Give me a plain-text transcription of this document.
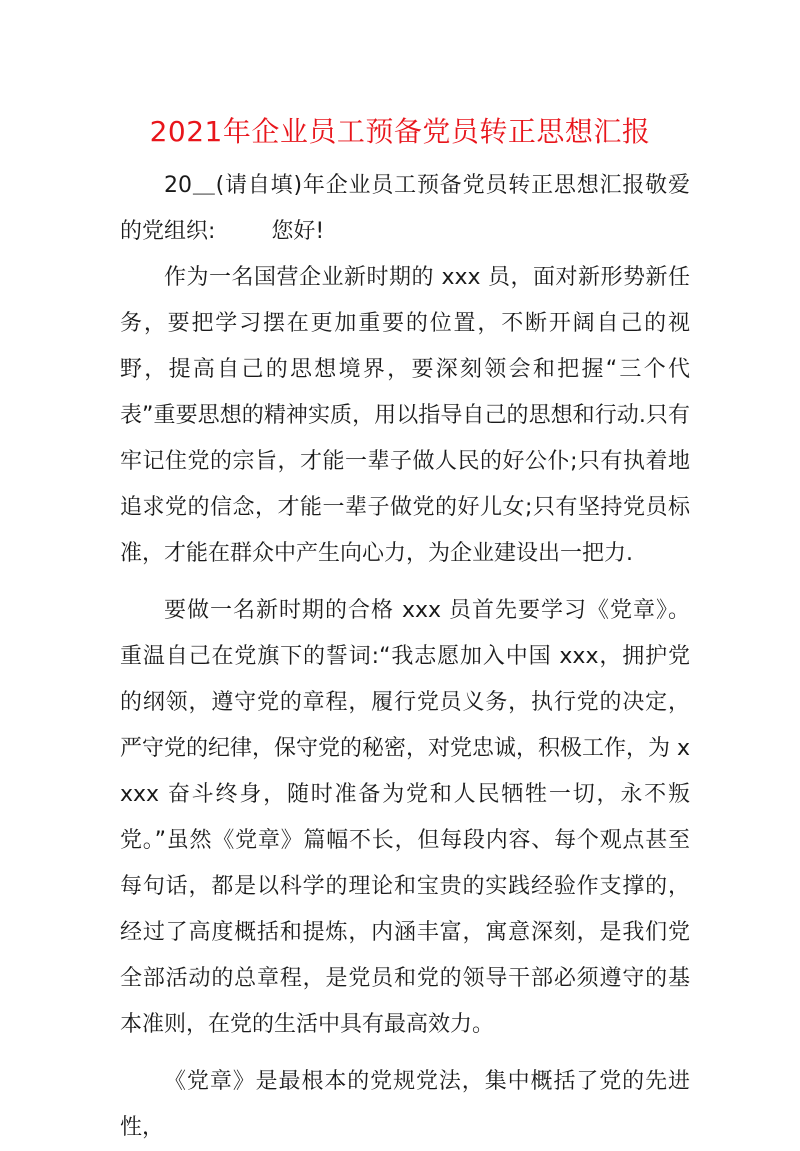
2021年企业员工预备党员转正思想汇报

20＿(请自填)年企业员工预备党员转正思想汇报敬爱的党组织:	您好!

作为一名国营企业新时期的 xxx 员，面对新形势新任务，要把学习摆在更加重要的位置，不断开阔自己的视野，提高自己的思想境界，要深刻领会和把握“三个代表”重要思想的精神实质，用以指导自己的思想和行动.只有牢记住党的宗旨，才能一辈子做人民的好公仆;只有执着地追求党的信念，才能一辈子做党的好儿女;只有坚持党员标准，才能在群众中产生向心力，为企业建设出一把力.

要做一名新时期的合格 xxx 员首先要学习《党章》。重温自己在党旗下的誓词:“我志愿加入中国 xxx，拥护党的纲领，遵守党的章程，履行党员义务，执行党的决定，严守党的纪律，保守党的秘密，对党忠诚，积极工作，为 xxxx 奋斗终身，随时准备为党和人民牺牲一切，永不叛党。”虽然《党章》篇幅不长，但每段内容、每个观点甚至每句话，都是以科学的理论和宝贵的实践经验作支撑的，经过了高度概括和提炼，内涵丰富，寓意深刻，是我们党全部活动的总章程，是党员和党的领导干部必须遵守的基本准则，在党的生活中具有最高效力。

《党章》是最根本的党规党法，集中概括了党的先进性，
